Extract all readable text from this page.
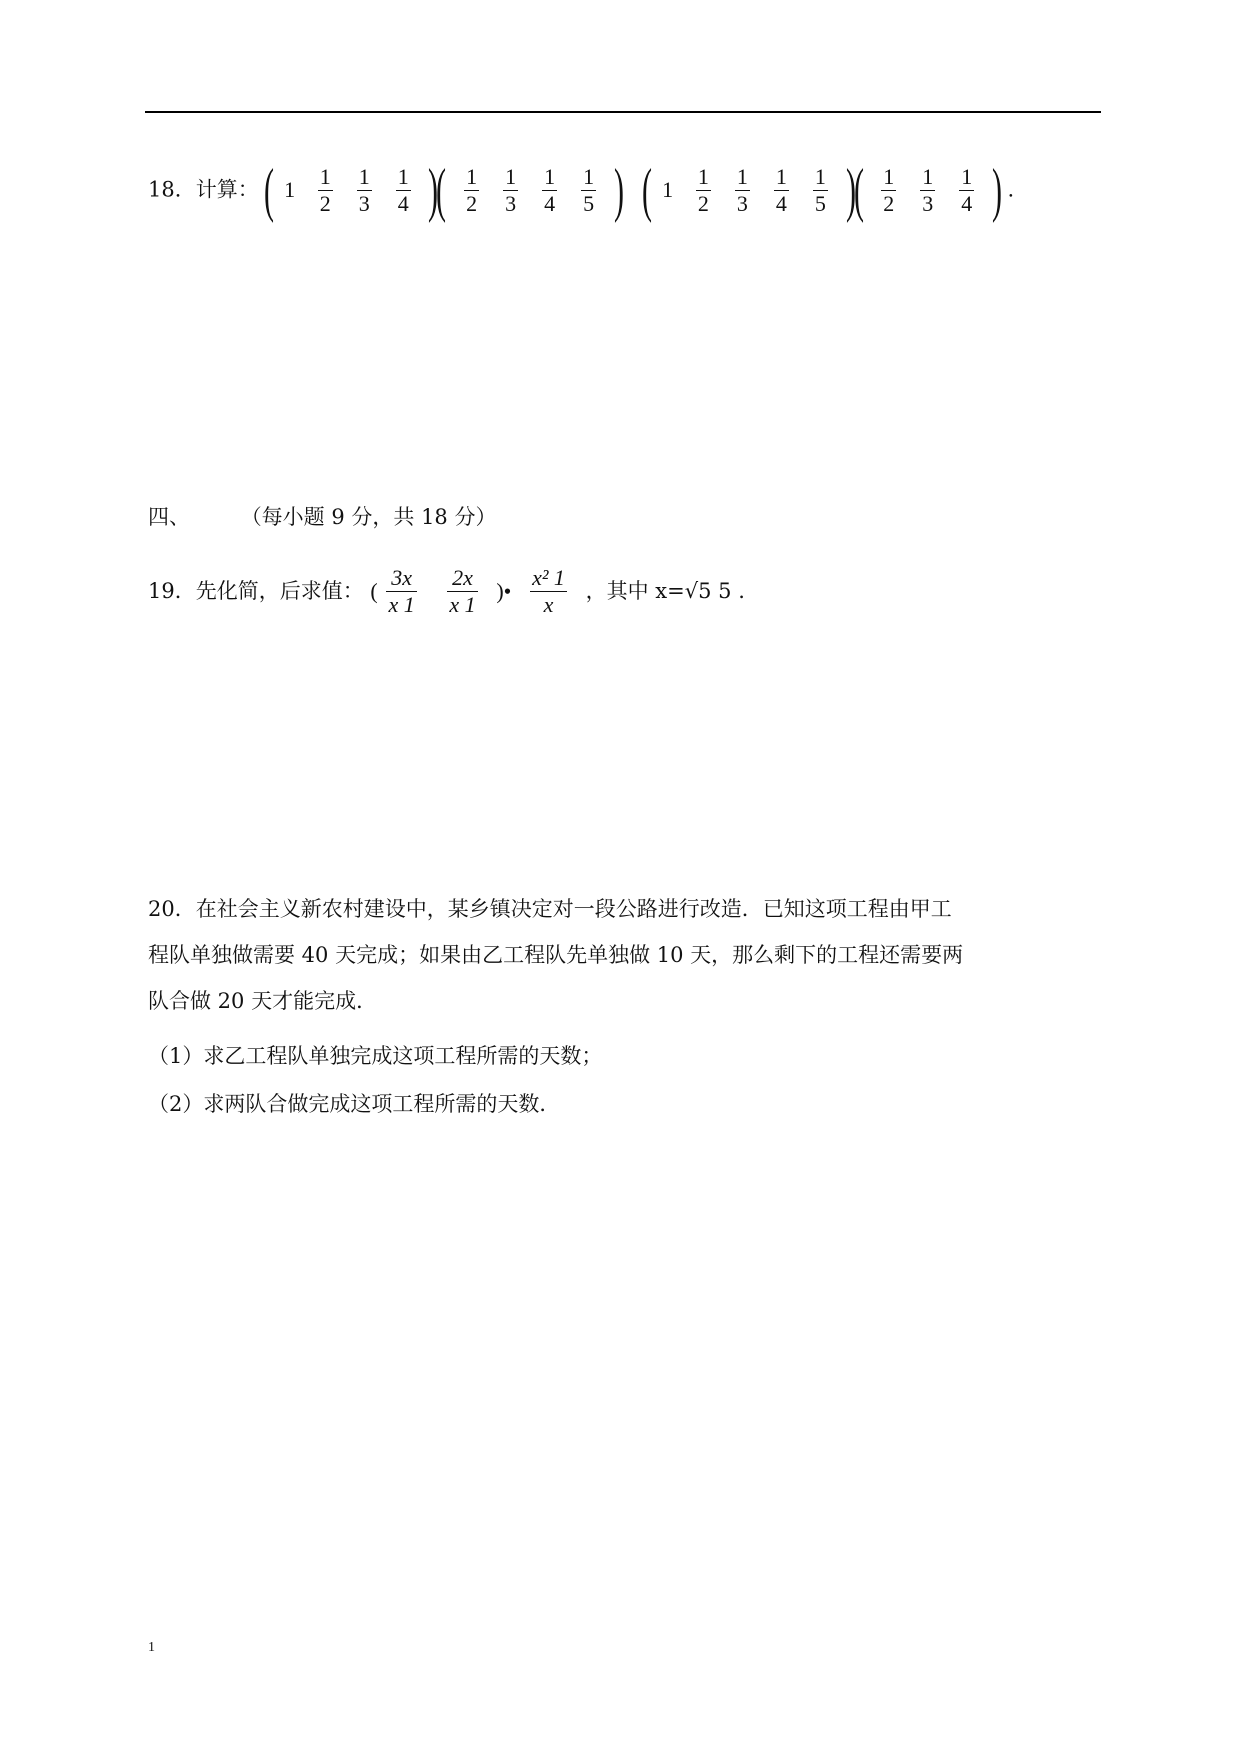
18．计算： ( $1 \frac{1}{2} \frac{1}{3} \frac{1}{4}$ )( $\frac{1}{2} \frac{1}{3} \frac{1}{4} \frac{1}{5}$ ) ( $1 \frac{1}{2} \frac{1}{3} \frac{1}{4} \frac{1}{5}$ )( $\frac{1}{2} \frac{1}{3} \frac{1}{4}$ ) .
四、 （每小题 9 分，共 18 分）
19．先化简，后求值： ( $\frac{3x}{x 1}$
$\frac{2x}{x 1}$ )• $\frac{\text{x² 1}}{x}$ ，其中 x=√5 5 .

20．在社会主义新农村建设中，某乡镇决定对一段公路进行改造．已知这项工程由甲工

程队单独做需要 40 天完成；如果由乙工程队先单独做 10 天，那么剩下的工程还需要两

队合做 20 天才能完成．

（1）求乙工程队单独完成这项工程所需的天数；
（2）求两队合做完成这项工程所需的天数．
1
